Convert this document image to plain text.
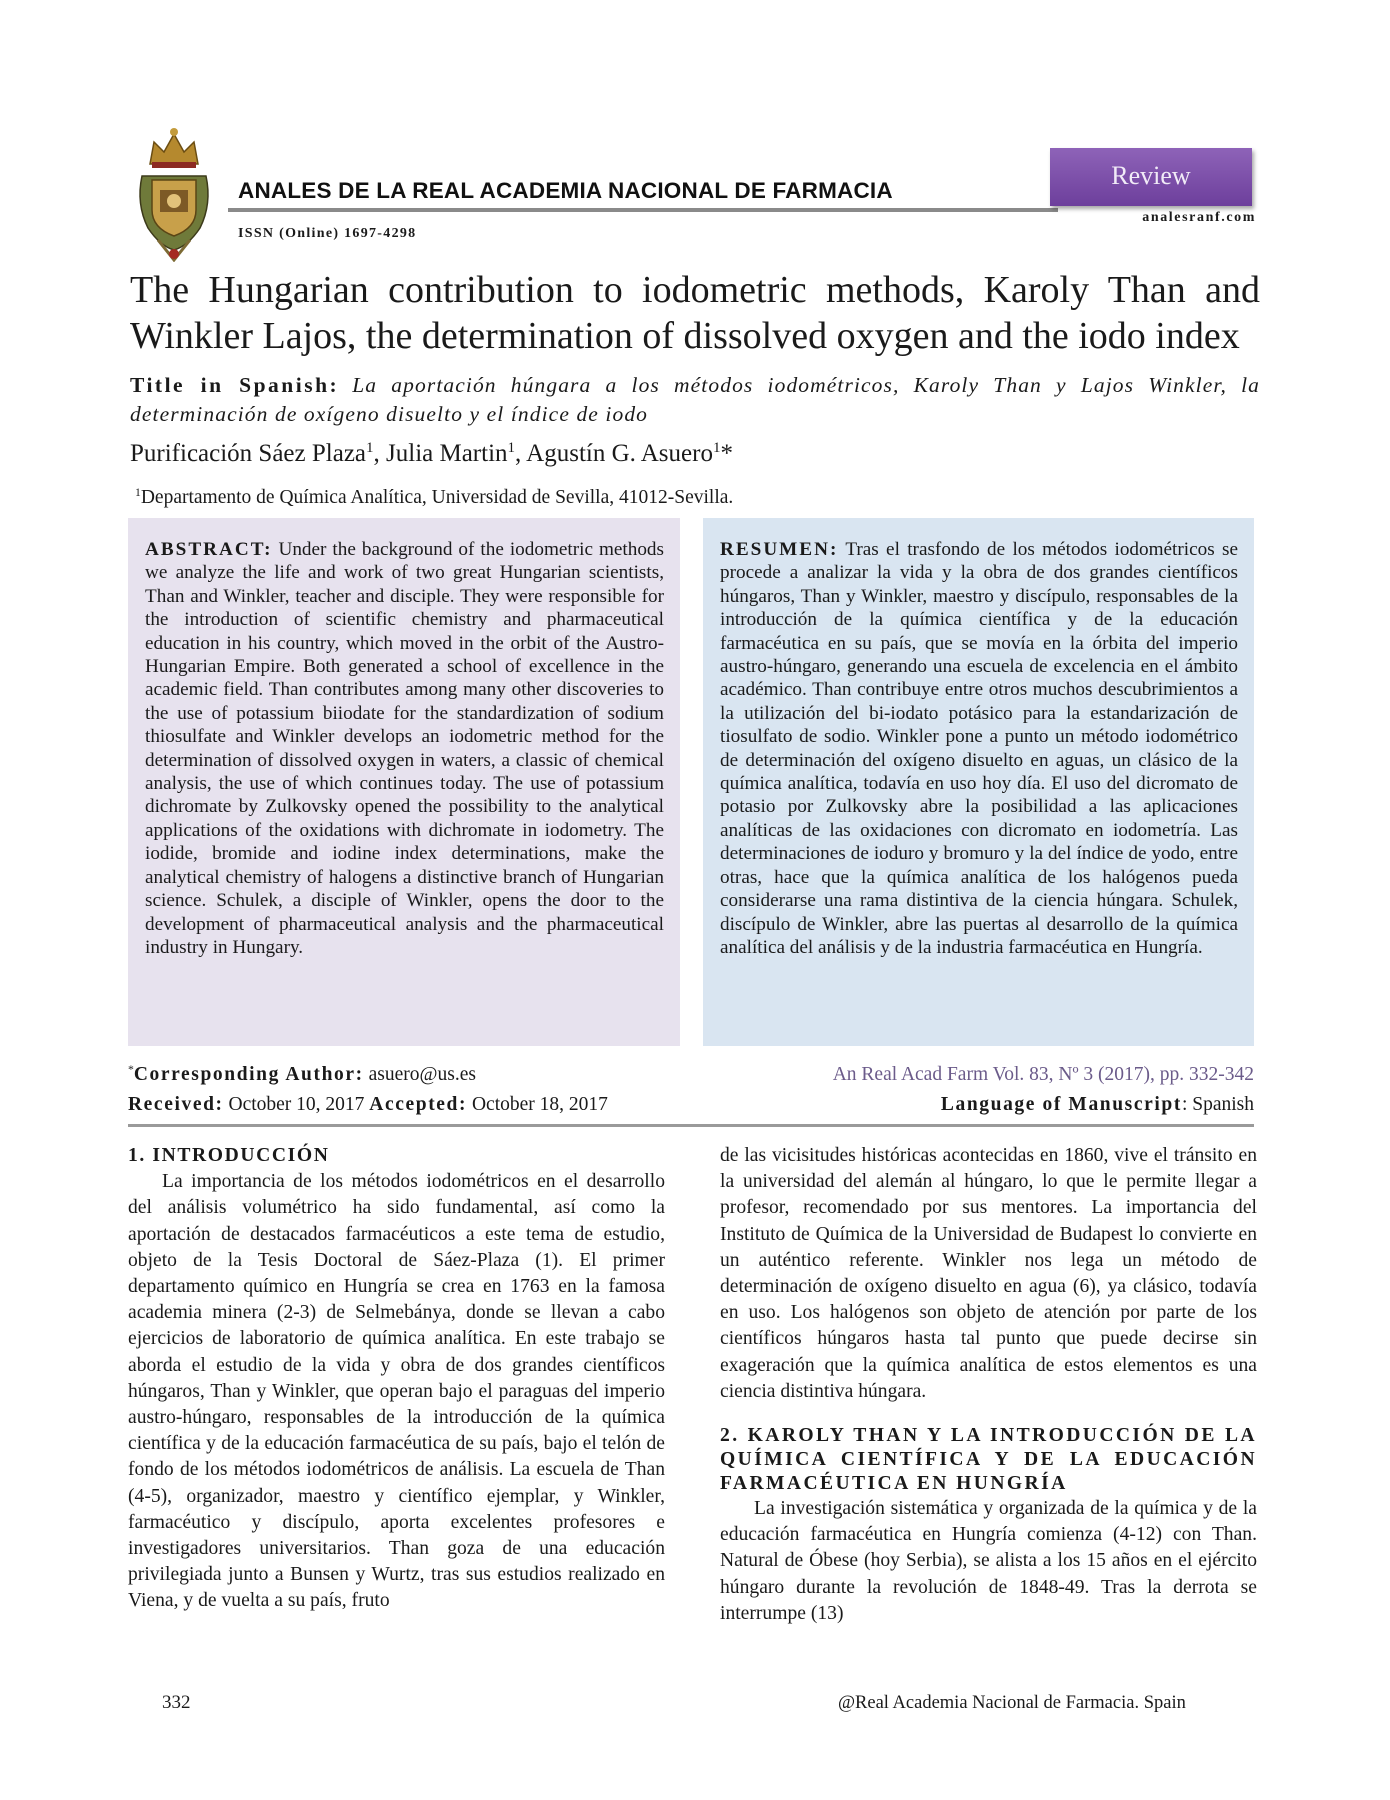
ANALES DE LA REAL ACADEMIA NACIONAL DE FARMACIA
ISSN (Online) 1697-4298
Review
analesranf.com
The Hungarian contribution to iodometric methods, Karoly Than and Winkler Lajos, the determination of dissolved oxygen and the iodo index
Title in Spanish: La aportación húngara a los métodos iodométricos, Karoly Than y Lajos Winkler, la determinación de oxígeno disuelto y el índice de iodo
Purificación Sáez Plaza$^1$, Julia Martin$^1$, Agustín G. Asuero$^1$*
$^1$Departamento de Química Analítica, Universidad de Sevilla, 41012-Sevilla.
ABSTRACT: Under the background of the iodometric methods we analyze the life and work of two great Hungarian scientists, Than and Winkler, teacher and disciple. They were responsible for the introduction of scientific chemistry and pharmaceutical education in his country, which moved in the orbit of the Austro-Hungarian Empire. Both generated a school of excellence in the academic field. Than contributes among many other discoveries to the use of potassium biiodate for the standardization of sodium thiosulfate and Winkler develops an iodometric method for the determination of dissolved oxygen in waters, a classic of chemical analysis, the use of which continues today. The use of potassium dichromate by Zulkovsky opened the possibility to the analytical applications of the oxidations with dichromate in iodometry. The iodide, bromide and iodine index determinations, make the analytical chemistry of halogens a distinctive branch of Hungarian science. Schulek, a disciple of Winkler, opens the door to the development of pharmaceutical analysis and the pharmaceutical industry in Hungary.
RESUMEN: Tras el trasfondo de los métodos iodométricos se procede a analizar la vida y la obra de dos grandes científicos húngaros, Than y Winkler, maestro y discípulo, responsables de la introducción de la química científica y de la educación farmacéutica en su país, que se movía en la órbita del imperio austro-húngaro, generando una escuela de excelencia en el ámbito académico. Than contribuye entre otros muchos descubrimientos a la utilización del bi-iodato potásico para la estandarización de tiosulfato de sodio. Winkler pone a punto un método iodométrico de determinación del oxígeno disuelto en aguas, un clásico de la química analítica, todavía en uso hoy día. El uso del dicromato de potasio por Zulkovsky abre la posibilidad a las aplicaciones analíticas de las oxidaciones con dicromato en iodometría. Las determinaciones de ioduro y bromuro y la del índice de yodo, entre otras, hace que la química analítica de los halógenos pueda considerarse una rama distintiva de la ciencia húngara. Schulek, discípulo de Winkler, abre las puertas al desarrollo de la química analítica del análisis y de la industria farmacéutica en Hungría.
*Corresponding Author: asuero@us.es	An Real Acad Farm Vol. 83, Nº 3 (2017), pp. 332-342
Received: October 10, 2017 Accepted: October 18, 2017	Language of Manuscript: Spanish

1. INTRODUCCIÓN

La importancia de los métodos iodométricos en el desarrollo del análisis volumétrico ha sido fundamental, así como la aportación de destacados farmacéuticos a este tema de estudio, objeto de la Tesis Doctoral de Sáez-Plaza (1). El primer departamento químico en Hungría se crea en 1763 en la famosa academia minera (2-3) de Selmebánya, donde se llevan a cabo ejercicios de laboratorio de química analítica. En este trabajo se aborda el estudio de la vida y obra de dos grandes científicos húngaros, Than y Winkler, que operan bajo el paraguas del imperio austro-húngaro, responsables de la introducción de la química científica y de la educación farmacéutica de su país, bajo el telón de fondo de los métodos iodométricos de análisis. La escuela de Than (4-5), organizador, maestro y científico ejemplar, y Winkler, farmacéutico y discípulo, aporta excelentes profesores e investigadores universitarios. Than goza de una educación privilegiada junto a Bunsen y Wurtz, tras sus estudios realizado en Viena, y de vuelta a su país, fruto

de las vicisitudes históricas acontecidas en 1860, vive el tránsito en la universidad del alemán al húngaro, lo que le permite llegar a profesor, recomendado por sus mentores. La importancia del Instituto de Química de la Universidad de Budapest lo convierte en un auténtico referente. Winkler nos lega un método de determinación de oxígeno disuelto en agua (6), ya clásico, todavía en uso. Los halógenos son objeto de atención por parte de los científicos húngaros hasta tal punto que puede decirse sin exageración que la química analítica de estos elementos es una ciencia distintiva húngara.

2. KAROLY THAN Y LA INTRODUCCIÓN DE LA QUÍMICA CIENTÍFICA Y DE LA EDUCACIÓN FARMACÉUTICA EN HUNGRÍA

La investigación sistemática y organizada de la química y de la educación farmacéutica en Hungría comienza (4-12) con Than. Natural de Óbese (hoy Serbia), se alista a los 15 años en el ejército húngaro durante la revolución de 1848-49. Tras la derrota se interrumpe (13)

332	@Real Academia Nacional de Farmacia. Spain
